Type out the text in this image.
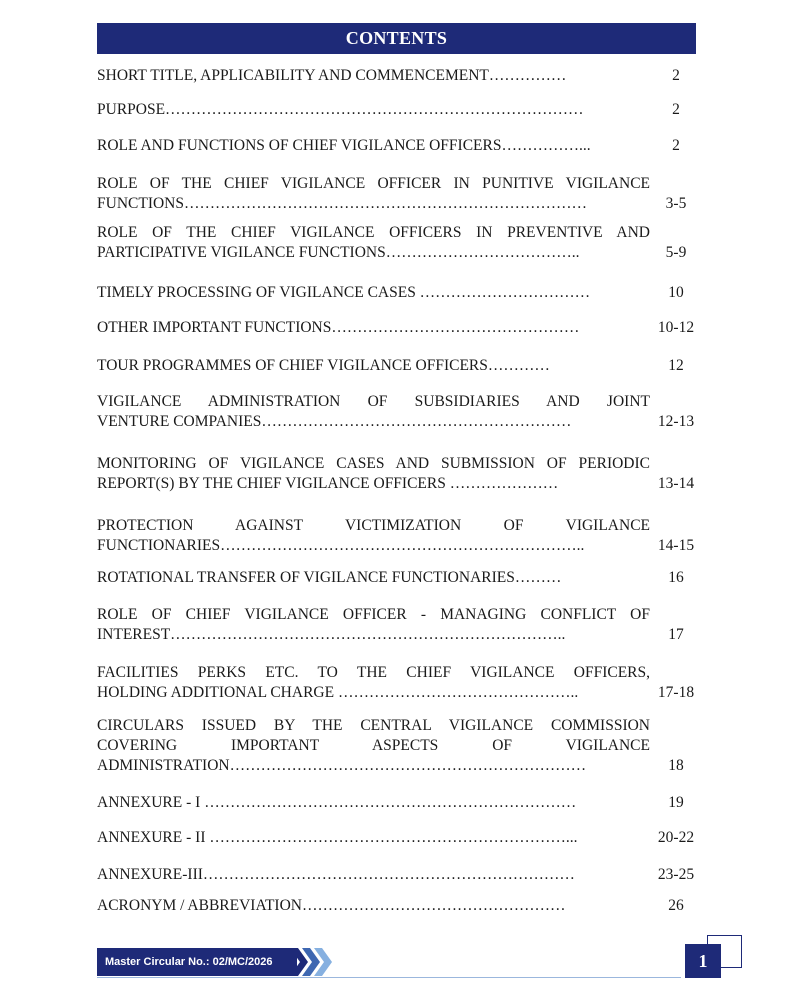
CONTENTS
SHORT TITLE, APPLICABILITY AND COMMENCEMENT……………	2
PURPOSE………………………………………………………………………	2
ROLE AND FUNCTIONS OF CHIEF VIGILANCE OFFICERS……………...	2
ROLE OF THE CHIEF VIGILANCE OFFICER IN PUNITIVE VIGILANCE
FUNCTIONS……………………………………………………………………	3-5
ROLE OF THE CHIEF VIGILANCE OFFICERS IN PREVENTIVE AND
PARTICIPATIVE VIGILANCE FUNCTIONS………………………………..	5-9
TIMELY PROCESSING OF VIGILANCE CASES ……………………………	10
OTHER IMPORTANT FUNCTIONS…………………………………………	10-12
TOUR PROGRAMMES OF CHIEF VIGILANCE OFFICERS…………	12
VIGILANCE ADMINISTRATION OF SUBSIDIARIES AND JOINT
VENTURE COMPANIES……………………………………………………	12-13
MONITORING OF VIGILANCE CASES AND SUBMISSION OF PERIODIC
REPORT(S) BY THE CHIEF VIGILANCE OFFICERS …………………	13-14
PROTECTION AGAINST VICTIMIZATION OF VIGILANCE
FUNCTIONARIES……………………………………………………………..	14-15
ROTATIONAL TRANSFER OF VIGILANCE FUNCTIONARIES………	16
ROLE OF CHIEF VIGILANCE OFFICER - MANAGING CONFLICT OF
INTEREST…………………………………………………………………..	17
FACILITIES PERKS ETC. TO THE CHIEF VIGILANCE OFFICERS,
HOLDING ADDITIONAL CHARGE ………………………………………..	17-18
CIRCULARS ISSUED BY THE CENTRAL VIGILANCE COMMISSION
COVERING IMPORTANT ASPECTS OF VIGILANCE
ADMINISTRATION……………………………………………………………	18
ANNEXURE - I ………………………………………………………………	19
ANNEXURE - II ……………………………………………………………...	20-22
ANNEXURE-III………………………………………………………………	23-25
ACRONYM / ABBREVIATION……………………………………………	26
Master Circular No.: 02/MC/2026	1
